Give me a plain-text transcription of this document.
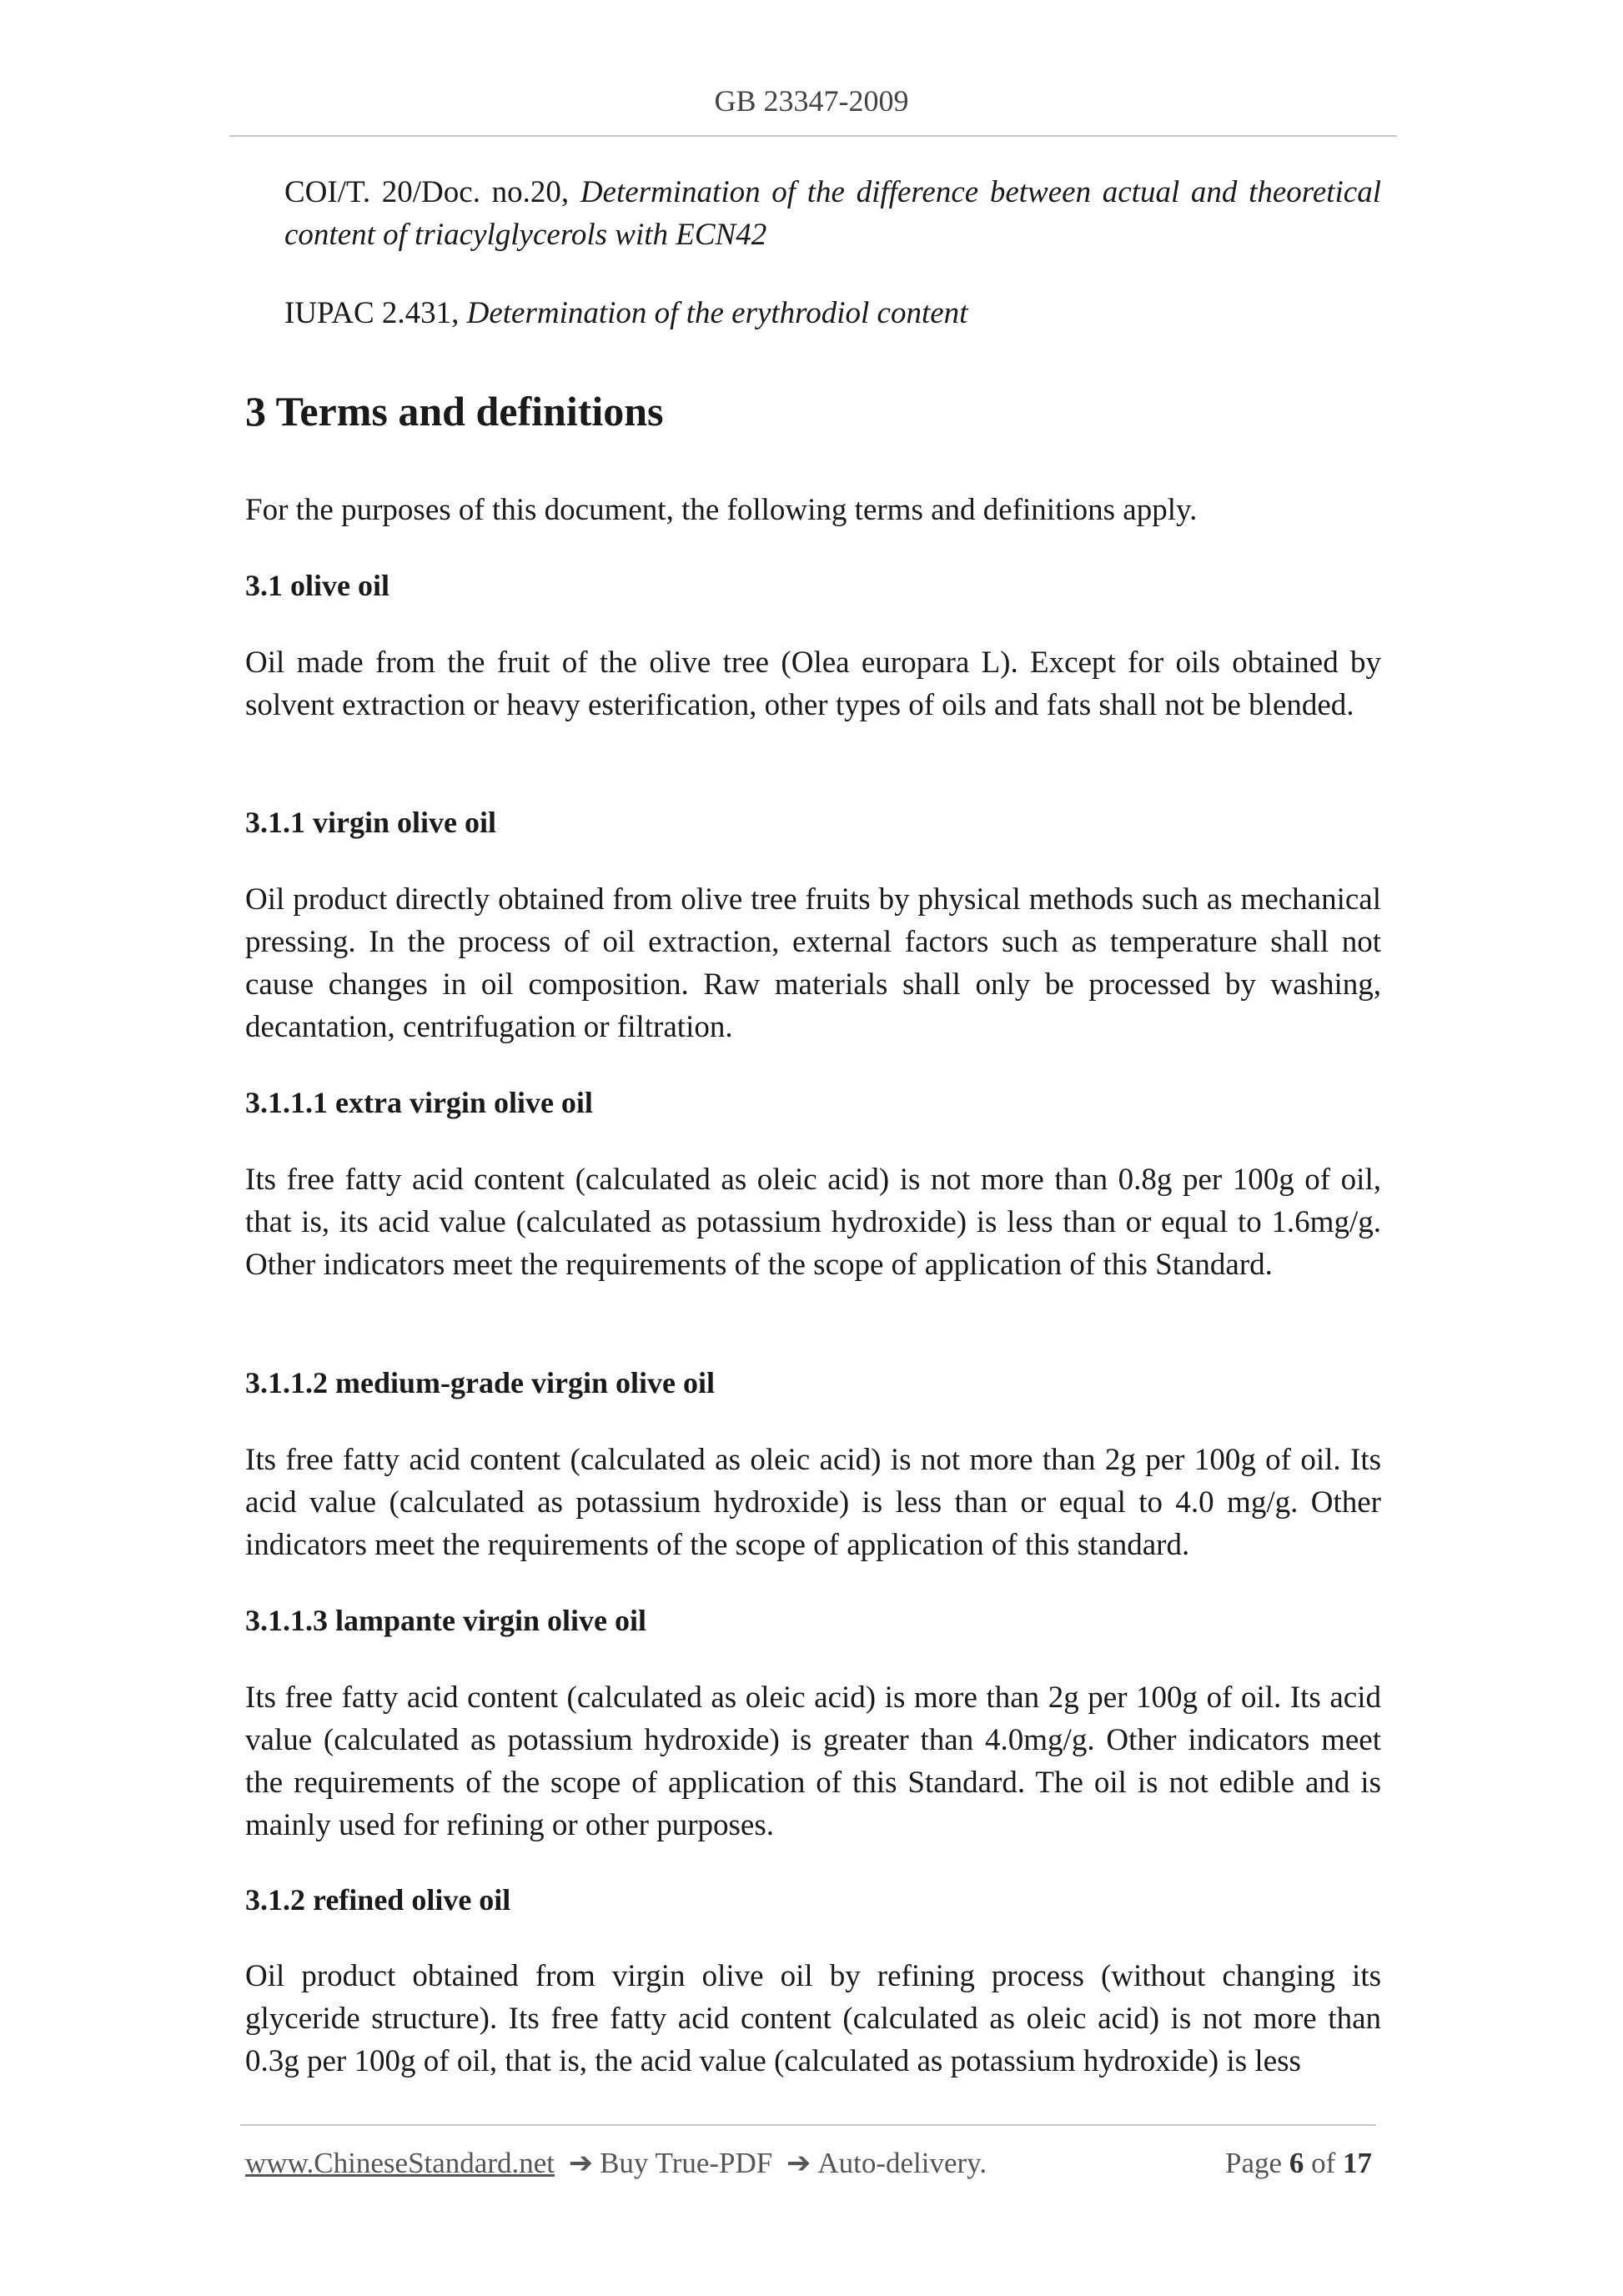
GB 23347-2009
COI/T. 20/Doc. no.20, Determination of the difference between actual and theoretical content of triacylglycerols with ECN42
IUPAC 2.431, Determination of the erythrodiol content
3 Terms and definitions
For the purposes of this document, the following terms and definitions apply.
3.1 olive oil
Oil made from the fruit of the olive tree (Olea europara L). Except for oils obtained by solvent extraction or heavy esterification, other types of oils and fats shall not be blended.
3.1.1 virgin olive oil
Oil product directly obtained from olive tree fruits by physical methods such as mechanical pressing. In the process of oil extraction, external factors such as temperature shall not cause changes in oil composition. Raw materials shall only be processed by washing, decantation, centrifugation or filtration.
3.1.1.1 extra virgin olive oil
Its free fatty acid content (calculated as oleic acid) is not more than 0.8g per 100g of oil, that is, its acid value (calculated as potassium hydroxide) is less than or equal to 1.6mg/g. Other indicators meet the requirements of the scope of application of this Standard.
3.1.1.2 medium-grade virgin olive oil
Its free fatty acid content (calculated as oleic acid) is not more than 2g per 100g of oil. Its acid value (calculated as potassium hydroxide) is less than or equal to 4.0 mg/g. Other indicators meet the requirements of the scope of application of this standard.
3.1.1.3 lampante virgin olive oil
Its free fatty acid content (calculated as oleic acid) is more than 2g per 100g of oil. Its acid value (calculated as potassium hydroxide) is greater than 4.0mg/g. Other indicators meet the requirements of the scope of application of this Standard. The oil is not edible and is mainly used for refining or other purposes.
3.1.2 refined olive oil
Oil product obtained from virgin olive oil by refining process (without changing its glyceride structure). Its free fatty acid content (calculated as oleic acid) is not more than 0.3g per 100g of oil, that is, the acid value (calculated as potassium hydroxide) is less
www.ChineseStandard.net ➔ Buy True-PDF ➔ Auto-delivery.	Page 6 of 17
